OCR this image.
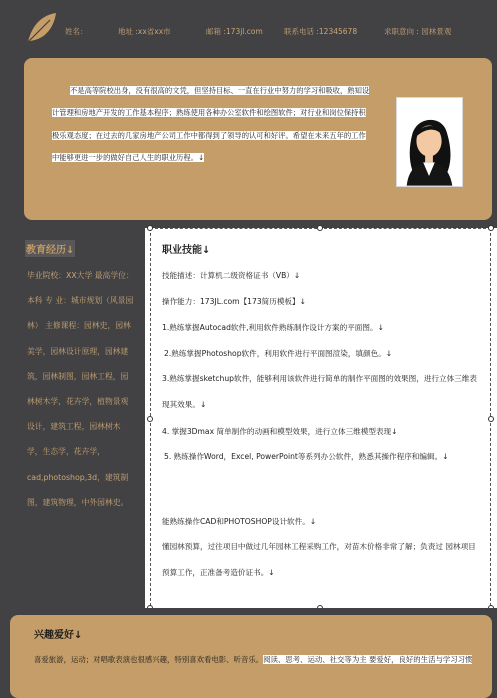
姓名：	地址 :xx省xx市	邮箱 :173jl.com	联系电话 :12345678	求职意向 : 园林景观
不是高等院校出身，没有很高的文凭，但坚持目标、一直在行业中努力的学习和吸收，熟知设计管理和房地产开发的工作基本程序；熟练使用各种办公室软件和绘图软件；对行业和岗位保持积极乐观态度；在过去的几家房地产公司工作中都得到了领导的认可和好评。希望在未来五年的工作中能够更进一步的做好自己人生的职业历程。↓
教育经历↓
毕业院校：XX大学 最高学位：本科 专 业：城市规划（风景园林） 主修课程：园林史，园林美学，园林设计原理，园林建筑，园林制图，园林工程，园林树木学，花卉学，植物景观设计，建筑工程，园林树木学，生态学，花卉学，cad,photoshop,3d，建筑制图，建筑物理，中外园林史。
职业技能↓
技能描述：计算机二级资格证书（VB）↓
操作能力：173JL.com【173简历模板】↓
1.熟练掌握Autocad软件,利用软件熟练制作设计方案的平面图。↓
2.熟练掌握Photoshop软件，利用软件进行平面图渲染，填颜色。↓
3.熟练掌握sketchup软件，能够利用该软件进行简单的制作平面图的效果图，进行立体三维表现其效果。↓
4. 掌握3Dmax 简单制作的动画和模型效果，进行立体三维模型表现↓
5. 熟练操作Word，Excel, PowerPoint等系列办公软件，熟悉其操作程序和编辑。↓
能熟练操作CAD和PHOTOSHOP设计软件。↓
懂园林预算，过往项目中做过几年园林工程采购工作，对苗木价格非常了解；负责过 园林项目预算工作，正准备考造价证书。↓
兴趣爱好↓
喜爱旅游，运动；对唱歌表演也很感兴趣，特别喜欢看电影、听音乐。阅读、思考、运动、社交等为主 要爱好，良好的生活与学习习惯
